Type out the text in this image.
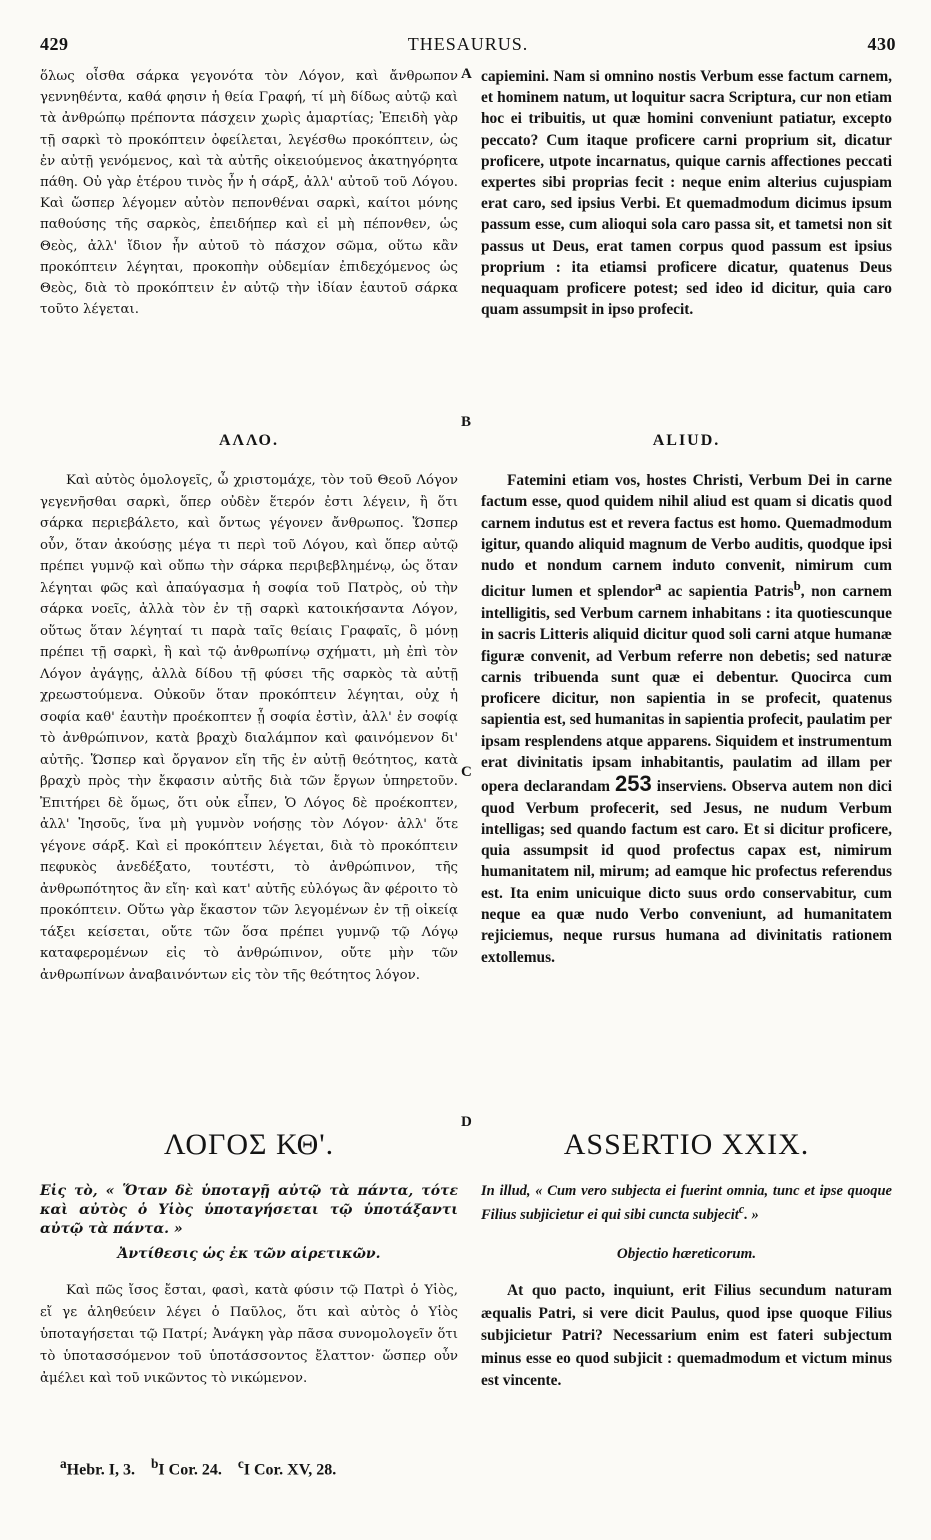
429	THESAURUS.	430
A
B
C
D
ὅλως οἶσθα σάρκα γεγονότα τὸν Λόγον, καὶ ἄνθρωπον γεννηθέντα, καθά φησιν ἡ θεία Γραφή, τί μὴ δίδως αὐτῷ καὶ τὰ ἀνθρώπῳ πρέποντα πάσχειν χωρὶς ἁμαρτίας; Ἐπειδὴ γὰρ τῇ σαρκὶ τὸ προκόπτειν ὀφείλεται, λεγέσθω προκόπτειν, ὡς ἐν αὐτῇ γενόμενος, καὶ τὰ αὐτῆς οἰκειούμενος ἀκατηγόρητα πάθη. Οὐ γὰρ ἑτέρου τινὸς ἦν ἡ σάρξ, ἀλλ' αὐτοῦ τοῦ Λόγου. Καὶ ὥσπερ λέγομεν αὐτὸν πεπονθέναι σαρκὶ, καίτοι μόνης παθούσης τῆς σαρκὸς, ἐπειδήπερ καὶ εἰ μὴ πέπονθεν, ὡς Θεὸς, ἀλλ' ἴδιον ἦν αὐτοῦ τὸ πάσχον σῶμα, οὕτω κἂν προκόπτειν λέγηται, προκοπὴν οὐδεμίαν ἐπιδεχόμενος ὡς Θεὸς, διὰ τὸ προκόπτειν ἐν αὐτῷ τὴν ἰδίαν ἑαυτοῦ σάρκα τοῦτο λέγεται.
ΑΛΛΟ.
Καὶ αὐτὸς ὁμολογεῖς, ὦ χριστομάχε, τὸν τοῦ Θεοῦ Λόγον γεγενῆσθαι σαρκὶ, ὅπερ οὐδὲν ἕτερόν ἐστι λέγειν, ἢ ὅτι σάρκα περιεβάλετο, καὶ ὄντως γέγονεν ἄνθρωπος. Ὥσπερ οὖν, ὅταν ἀκούσῃς μέγα τι περὶ τοῦ Λόγου, καὶ ὅπερ αὐτῷ πρέπει γυμνῷ καὶ οὔπω τὴν σάρκα περιβεβλημένῳ, ὡς ὅταν λέγηται φῶς καὶ ἀπαύγασμα ἡ σοφία τοῦ Πατρὸς, οὐ τὴν σάρκα νοεῖς, ἀλλὰ τὸν ἐν τῇ σαρκὶ κατοικήσαντα Λόγον, οὕτως ὅταν λέγηταί τι παρὰ ταῖς θείαις Γραφαῖς, ὃ μόνῃ πρέπει τῇ σαρκὶ, ἢ καὶ τῷ ἀνθρωπίνῳ σχήματι, μὴ ἐπὶ τὸν Λόγον ἀγάγῃς, ἀλλὰ δίδου τῇ φύσει τῆς σαρκὸς τὰ αὐτῇ χρεωστούμενα. Οὐκοῦν ὅταν προκόπτειν λέγηται, οὐχ ἡ σοφία καθ' ἑαυτὴν προέκοπτεν ᾗ σοφία ἐστὶν, ἀλλ' ἐν σοφίᾳ τὸ ἀνθρώπινον, κατὰ βραχὺ διαλάμπον καὶ φαινόμενον δι' αὐτῆς. Ὥσπερ καὶ ὄργανον εἴη τῆς ἐν αὐτῇ θεότητος, κατὰ βραχὺ πρὸς τὴν ἔκφασιν αὐτῆς διὰ τῶν ἔργων ὑπηρετοῦν. Ἐπιτήρει δὲ ὅμως, ὅτι οὐκ εἶπεν, Ὁ Λόγος δὲ προέκοπτεν, ἀλλ' Ἰησοῦς, ἵνα μὴ γυμνὸν νοήσῃς τὸν Λόγον· ἀλλ' ὅτε γέγονε σάρξ. Καὶ εἰ προκόπτειν λέγεται, διὰ τὸ προκόπτειν πεφυκὸς ἀνεδέξατο, τουτέστι, τὸ ἀνθρώπινον, τῆς ἀνθρωπότητος ἂν εἴη· καὶ κατ' αὐτῆς εὐλόγως ἂν φέροιτο τὸ προκόπτειν. Οὕτω γὰρ ἕκαστον τῶν λεγομένων ἐν τῇ οἰκείᾳ τάξει κείσεται, οὔτε τῶν ὅσα πρέπει γυμνῷ τῷ Λόγῳ καταφερομένων εἰς τὸ ἀνθρώπινον, οὔτε μὴν τῶν ἀνθρωπίνων ἀναβαινόντων εἰς τὸν τῆς θεότητος λόγον.
ΛΟΓΟΣ ΚΘ'.
Εἰς τὸ, « Ὅταν δὲ ὑποταγῇ αὐτῷ τὰ πάντα, τότε καὶ αὐτὸς ὁ Υἱὸς ὑποταγήσεται τῷ ὑποτάξαντι αὐτῷ τὰ πάντα. »
Ἀντίθεσις ὡς ἐκ τῶν αἱρετικῶν.
Καὶ πῶς ἴσος ἔσται, φασὶ, κατὰ φύσιν τῷ Πατρὶ ὁ Υἱὸς, εἴ γε ἀληθεύειν λέγει ὁ Παῦλος, ὅτι καὶ αὐτὸς ὁ Υἱὸς ὑποταγήσεται τῷ Πατρί; Ἀνάγκη γὰρ πᾶσα συνομολογεῖν ὅτι τὸ ὑποτασσόμενον τοῦ ὑποτάσσοντος ἔλαττον· ὥσπερ οὖν ἀμέλει καὶ τοῦ νικῶντος τὸ νικώμενον.
capiemini. Nam si omnino nostis Verbum esse factum carnem, et hominem natum, ut loquitur sacra Scriptura, cur non etiam hoc ei tribuitis, ut quæ homini conveniunt patiatur, excepto peccato? Cum itaque proficere carni proprium sit, dicatur proficere, utpote incarnatus, quique carnis affectiones peccati expertes sibi proprias fecit : neque enim alterius cujuspiam erat caro, sed ipsius Verbi. Et quemadmodum dicimus ipsum passum esse, cum alioqui sola caro passa sit, et tametsi non sit passus ut Deus, erat tamen corpus quod passum est ipsius proprium : ita etiamsi proficere dicatur, quatenus Deus nequaquam proficere potest; sed ideo id dicitur, quia caro quam assumpsit in ipso profecit.
ALIUD.
Fatemini etiam vos, hostes Christi, Verbum Dei in carne factum esse, quod quidem nihil aliud est quam si dicatis quod carnem indutus est et revera factus est homo. Quemadmodum igitur, quando aliquid magnum de Verbo auditis, quodque ipsi nudo et nondum carnem induto convenit, nimirum cum dicitur lumen et splendor$^a$ ac sapientia Patris$^b$, non carnem intelligitis, sed Verbum carnem inhabitans : ita quotiescunque in sacris Litteris aliquid dicitur quod soli carni atque humanæ figuræ convenit, ad Verbum referre non debetis; sed naturæ carnis tribuenda sunt quæ ei debentur. Quocirca cum proficere dicitur, non sapientia in se profecit, quatenus sapientia est, sed humanitas in sapientia profecit, paulatim per ipsam resplendens atque apparens. Siquidem et instrumentum erat divinitatis ipsam inhabitantis, paulatim ad illam per opera declarandam 253 inserviens. Observa autem non dici quod Verbum profecerit, sed Jesus, ne nudum Verbum intelligas; sed quando factum est caro. Et si dicitur proficere, quia assumpsit id quod profectus capax est, nimirum humanitatem nil, mirum; ad eamque hic profectus referendus est. Ita enim unicuique dicto suus ordo conservabitur, cum neque ea quæ nudo Verbo conveniunt, ad humanitatem rejiciemus, neque rursus humana ad divinitatis rationem extollemus.
ASSERTIO XXIX.
In illud, « Cum vero subjecta ei fuerint omnia, tunc et ipse quoque Filius subjicietur ei qui sibi cuncta subjecit$^c$. »
Objectio hæreticorum.
At quo pacto, inquiunt, erit Filius secundum naturam æqualis Patri, si vere dicit Paulus, quod ipse quoque Filius subjicietur Patri? Necessarium enim est fateri subjectum minus esse eo quod subjicit : quemadmodum et victum minus est vincente.
$^a$Hebr. I, 3. $^b$I Cor. 24. $^c$I Cor. XV, 28.
